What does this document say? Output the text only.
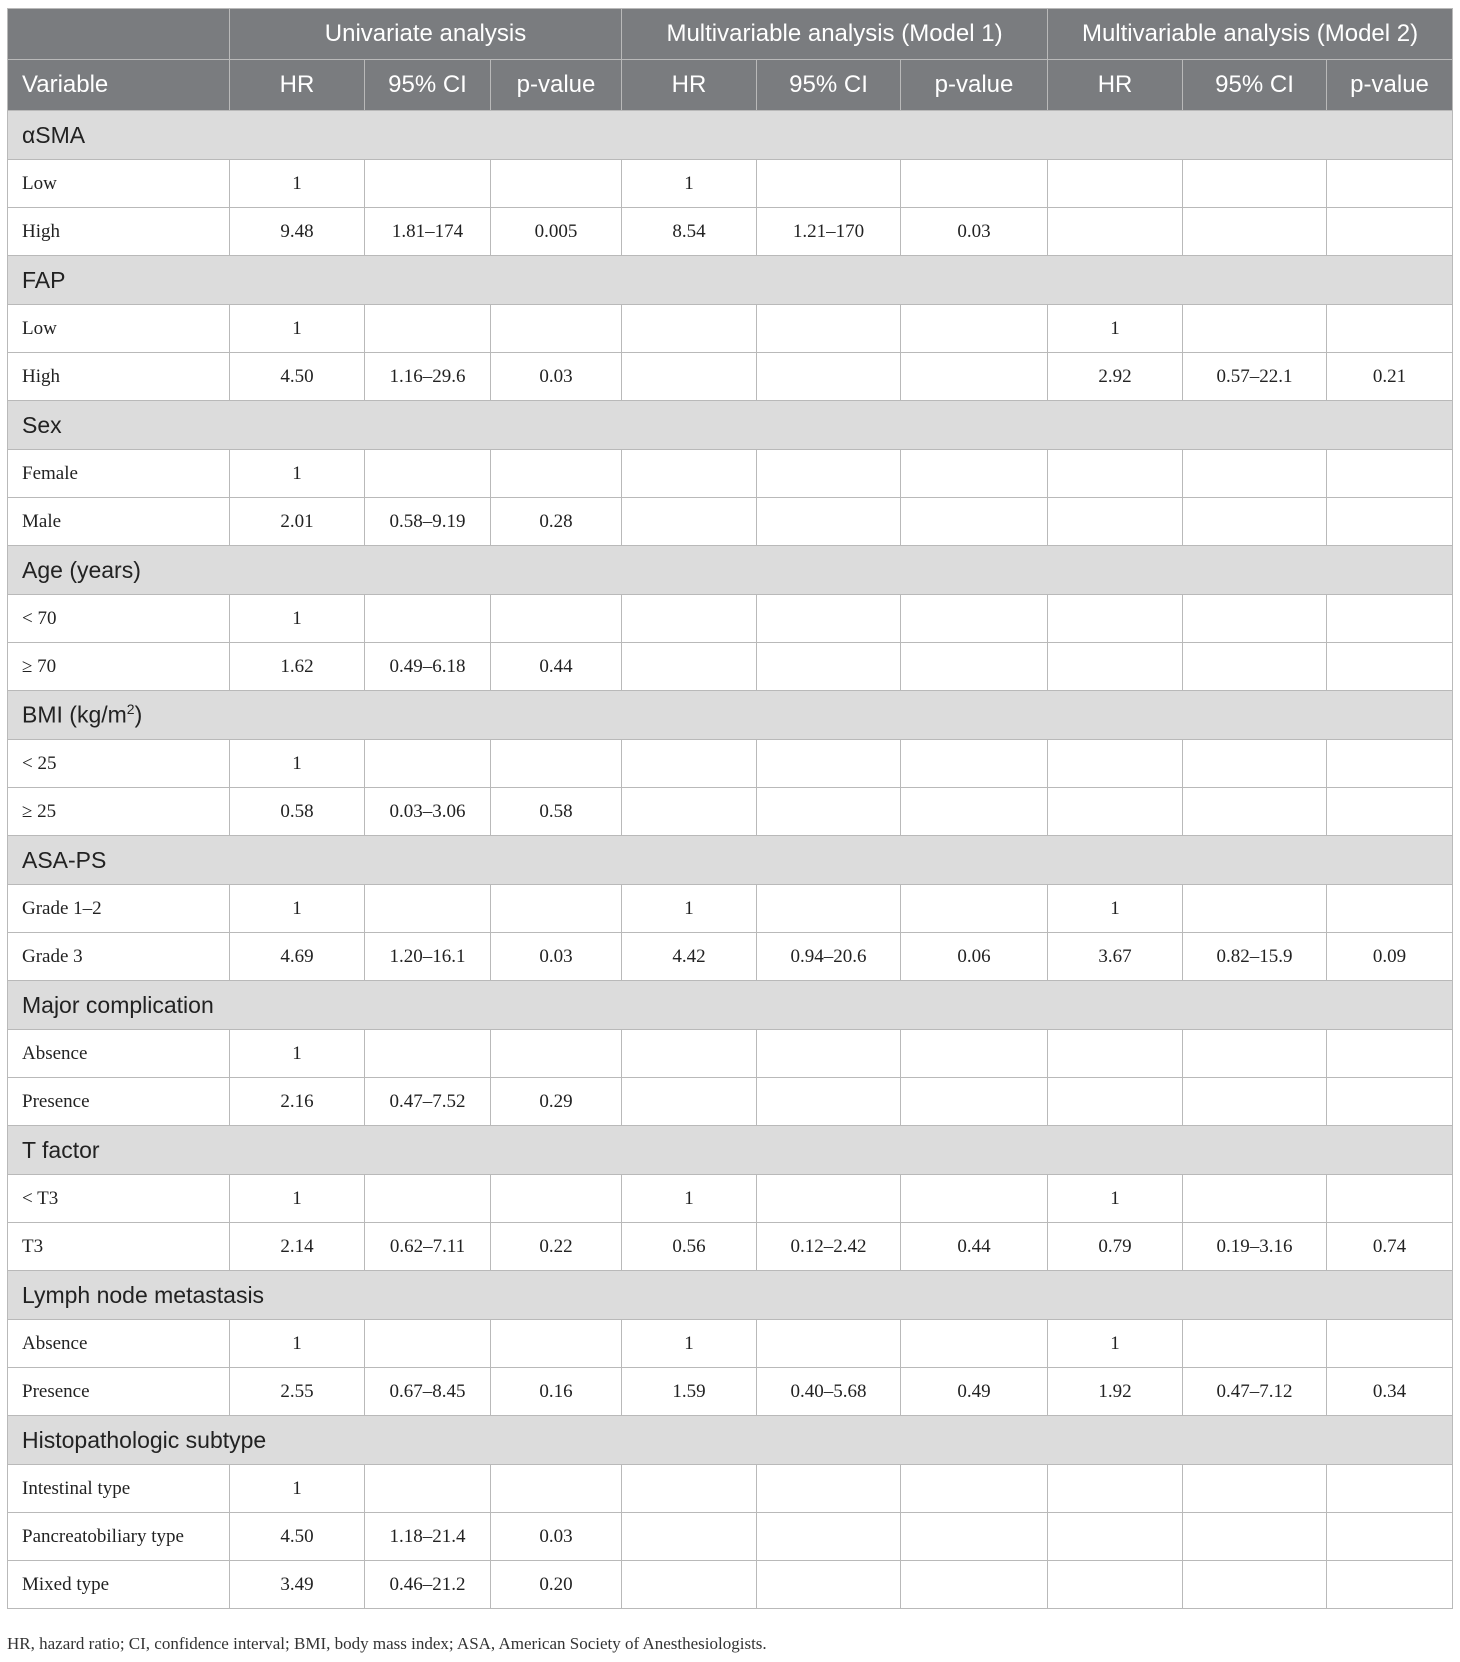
	Univariate analysis			Multivariable analysis (Model 1)			Multivariable analysis (Model 2)		
Variable	HR	95% CI	p-value	HR	95% CI	p-value	HR	95% CI	p-value
αSMA									
Low	1			1					
High	9.48	1.81–174	0.005	8.54	1.21–170	0.03			
FAP									
Low	1						1		
High	4.50	1.16–29.6	0.03				2.92	0.57–22.1	0.21
Sex									
Female	1								
Male	2.01	0.58–9.19	0.28						
Age (years)									
< 70	1								
≥ 70	1.62	0.49–6.18	0.44						
BMI $(kg/m^2)$									
< 25	1								
≥ 25	0.58	0.03–3.06	0.58						
ASA-PS									
Grade 1–2	1			1			1		
Grade 3	4.69	1.20–16.1	0.03	4.42	0.94–20.6	0.06	3.67	0.82–15.9	0.09
Major complication									
Absence	1								
Presence	2.16	0.47–7.52	0.29						
T factor									
< T3	1			1			1		
T3	2.14	0.62–7.11	0.22	0.56	0.12–2.42	0.44	0.79	0.19–3.16	0.74
Lymph node metastasis									
Absence	1			1			1		
Presence	2.55	0.67–8.45	0.16	1.59	0.40–5.68	0.49	1.92	0.47–7.12	0.34
Histopathologic subtype									
Intestinal type	1								
Pancreatobiliary type	4.50	1.18–21.4	0.03						
Mixed type	3.49	0.46–21.2	0.20						
HR, hazard ratio; CI, confidence interval; BMI, body mass index; ASA, American Society of Anesthesiologists.
